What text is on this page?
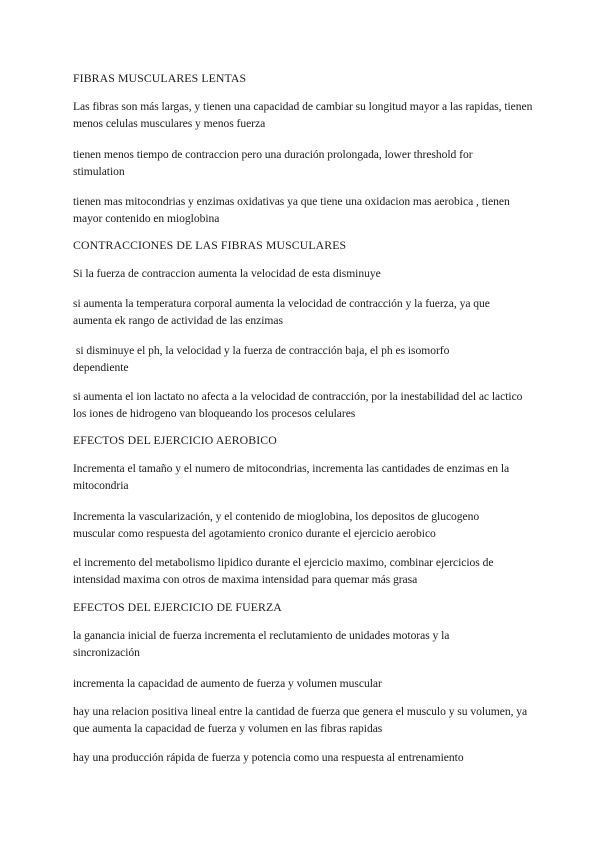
FIBRAS MUSCULARES LENTAS

Las fibras son más largas, y tienen una capacidad de cambiar su longitud mayor a las rapidas, tienen menos celulas musculares y menos fuerza

tienen menos tiempo de contraccion pero una duración prolongada, lower threshold for stimulation

tienen mas mitocondrias y enzimas oxidativas ya que tiene una oxidacion mas aerobica , tienen mayor contenido en mioglobina

CONTRACCIONES DE LAS FIBRAS MUSCULARES

Si la fuerza de contraccion aumenta la velocidad de esta disminuye

si aumenta la temperatura corporal aumenta la velocidad de contracción y la fuerza, ya que aumenta ek rango de actividad de las enzimas

si disminuye el ph, la velocidad y la fuerza de contracción baja, el ph es isomorfo dependiente

si aumenta el ion lactato no afecta a la velocidad de contracción, por la inestabilidad del ac lactico los iones de hidrogeno van bloqueando los procesos celulares

EFECTOS DEL EJERCICIO AEROBICO

Incrementa el tamaño y el numero de mitocondrias, incrementa las cantidades de enzimas en la mitocondria

Incrementa la vascularización, y el contenido de mioglobina, los depositos de glucogeno muscular como respuesta del agotamiento cronico durante el ejercicio aerobico

el incremento del metabolismo lipidico durante el ejercicio maximo, combinar ejercicios de intensidad maxima con otros de maxima intensidad para quemar más grasa

EFECTOS DEL EJERCICIO DE FUERZA

la ganancia inicial de fuerza incrementa el reclutamiento de unidades motoras y la sincronización

incrementa la capacidad de aumento de fuerza y volumen muscular

hay una relacion positiva lineal entre la cantidad de fuerza que genera el musculo y su volumen, ya que aumenta la capacidad de fuerza y volumen en las fibras rapidas

hay una producción rápida de fuerza y potencia como una respuesta al entrenamiento
